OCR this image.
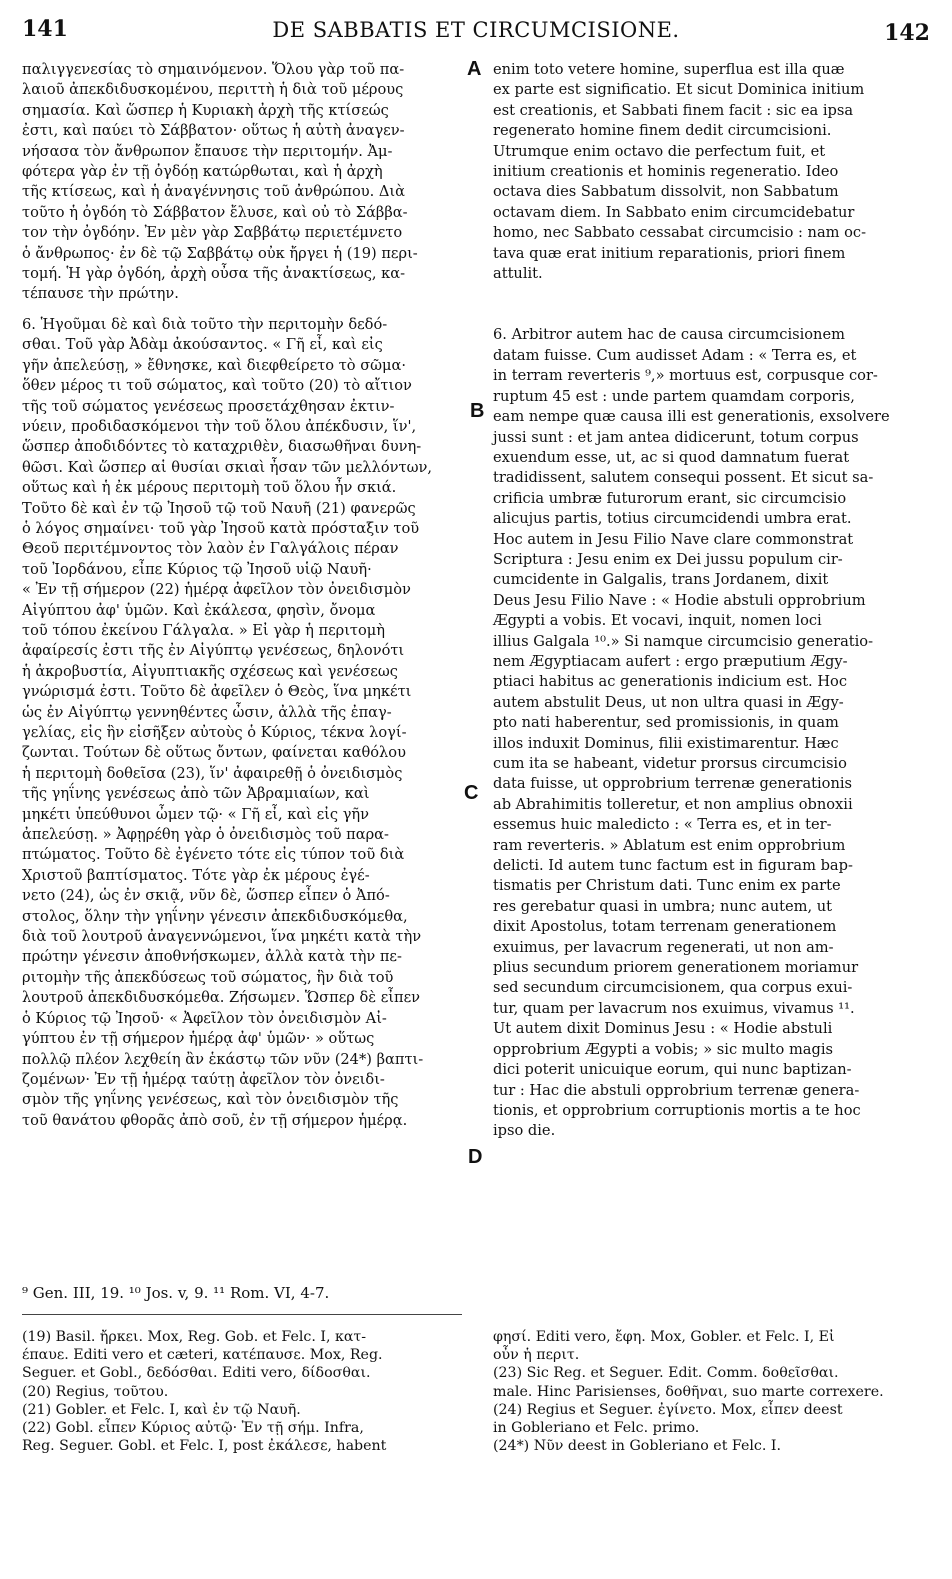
141	DE SABBATIS ET CIRCUMCISIONE.	142

παλιγγενεσίας τὸ σημαινόμενον. Ὅλου γὰρ τοῦ πα-
λαιοῦ ἀπεκδιδυσκομένου, περιττὴ ἡ διὰ τοῦ μέρους
σημασία. Καὶ ὥσπερ ἡ Κυριακὴ ἀρχὴ τῆς κτίσεώς
ἐστι, καὶ παύει τὸ Σάββατον· οὕτως ἡ αὐτὴ ἀναγεν-
νήσασα τὸν ἄνθρωπον ἔπαυσε τὴν περιτομήν. Ἀμ-
φότερα γὰρ ἐν τῇ ὀγδόῃ κατώρθωται, καὶ ἡ ἀρχὴ
τῆς κτίσεως, καὶ ἡ ἀναγέννησις τοῦ ἀνθρώπου. Διὰ
τοῦτο ἡ ὀγδόη τὸ Σάββατον ἔλυσε, καὶ οὐ τὸ Σάββα-
τον τὴν ὀγδόην. Ἐν μὲν γὰρ Σαββάτῳ περιετέμνετο
ὁ ἄνθρωπος· ἐν δὲ τῷ Σαββάτῳ οὐκ ἤργει ἡ (19) περι-
τομή. Ἡ γὰρ ὀγδόη, ἀρχὴ οὖσα τῆς ἀνακτίσεως, κα-
τέπαυσε τὴν πρώτην.

6. Ἡγοῦμαι δὲ καὶ διὰ τοῦτο τὴν περιτομὴν δεδό-
σθαι. Τοῦ γὰρ Ἀδὰμ ἀκούσαντος. « Γῆ εἶ, καὶ εἰς
γῆν ἀπελεύσῃ, » ἔθνησκε, καὶ διεφθείρετο τὸ σῶμα·
ὅθεν μέρος τι τοῦ σώματος, καὶ τοῦτο (20) τὸ αἴτιον
τῆς τοῦ σώματος γενέσεως προσετάχθησαν ἐκτιν-
νύειν, προδιδασκόμενοι τὴν τοῦ ὅλου ἀπέκδυσιν, ἵν',
ὥσπερ ἀποδιδόντες τὸ καταχριθὲν, διασωθῆναι δυνη-
θῶσι. Καὶ ὥσπερ αἱ θυσίαι σκιαὶ ἦσαν τῶν μελλόντων,
οὕτως καὶ ἡ ἐκ μέρους περιτομὴ τοῦ ὅλου ἦν σκιά.
Τοῦτο δὲ καὶ ἐν τῷ Ἰησοῦ τῷ τοῦ Ναυῆ (21) φανερῶς
ὁ λόγος σημαίνει· τοῦ γὰρ Ἰησοῦ κατὰ πρόσταξιν τοῦ
Θεοῦ περιτέμνοντος τὸν λαὸν ἐν Γαλγάλοις πέραν
τοῦ Ἰορδάνου, εἶπε Κύριος τῷ Ἰησοῦ υἱῷ Ναυῆ·
« Ἐν τῇ σήμερον (22) ἡμέρᾳ ἀφεῖλον τὸν ὀνειδισμὸν
Αἰγύπτου ἀφ' ὑμῶν. Καὶ ἐκάλεσα, φησὶν, ὄνομα
τοῦ τόπου ἐκείνου Γάλγαλα. » Εἰ γὰρ ἡ περιτομὴ
ἀφαίρεσίς ἐστι τῆς ἐν Αἰγύπτῳ γενέσεως, δηλονότι
ἡ ἀκροβυστία, Αἰγυπτιακῆς σχέσεως καὶ γενέσεως
γνώρισμά ἐστι. Τοῦτο δὲ ἀφεῖλεν ὁ Θεὸς, ἵνα μηκέτι
ὡς ἐν Αἰγύπτῳ γεννηθέντες ὦσιν, ἀλλὰ τῆς ἐπαγ-
γελίας, εἰς ἣν εἰσῆξεν αὐτοὺς ὁ Κύριος, τέκνα λογί-
ζωνται. Τούτων δὲ οὕτως ὄντων, φαίνεται καθόλου
ἡ περιτομὴ δοθεῖσα (23), ἵν' ἀφαιρεθῇ ὁ ὀνειδισμὸς
τῆς γηΐνης γενέσεως ἀπὸ τῶν Ἀβραμιαίων, καὶ
μηκέτι ὑπεύθυνοι ὦμεν τῷ· « Γῆ εἶ, καὶ εἰς γῆν
ἀπελεύσῃ. » Ἀφῃρέθη γὰρ ὁ ὀνειδισμὸς τοῦ παρα-
πτώματος. Τοῦτο δὲ ἐγένετο τότε εἰς τύπον τοῦ διὰ
Χριστοῦ βαπτίσματος. Τότε γὰρ ἐκ μέρους ἐγέ-
νετο (24), ὡς ἐν σκιᾷ, νῦν δὲ, ὥσπερ εἶπεν ὁ Ἀπό-
στολος, ὅλην τὴν γηΐνην γένεσιν ἀπεκδιδυσκόμεθα,
διὰ τοῦ λουτροῦ ἀναγεννώμενοι, ἵνα μηκέτι κατὰ τὴν
πρώτην γένεσιν ἀποθνήσκωμεν, ἀλλὰ κατὰ τὴν πε-
ριτομὴν τῆς ἀπεκδύσεως τοῦ σώματος, ἣν διὰ τοῦ
λουτροῦ ἀπεκδιδυσκόμεθα. Ζήσωμεν. Ὥσπερ δὲ εἶπεν
ὁ Κύριος τῷ Ἰησοῦ· « Ἀφεῖλον τὸν ὀνειδισμὸν Αἰ-
γύπτου ἐν τῇ σήμερον ἡμέρᾳ ἀφ' ὑμῶν· » οὕτως
πολλῷ πλέον λεχθείη ἂν ἑκάστῳ τῶν νῦν (24*) βαπτι-
ζομένων· Ἐν τῇ ἡμέρᾳ ταύτῃ ἀφεῖλον τὸν ὀνειδι-
σμὸν τῆς γηΐνης γενέσεως, καὶ τὸν ὀνειδισμὸν τῆς
τοῦ θανάτου φθορᾶς ἀπὸ σοῦ, ἐν τῇ σήμερον ἡμέρᾳ.

A
B
C
D

enim toto vetere homine, superflua est illa quæ
ex parte est significatio. Et sicut Dominica initium
est creationis, et Sabbati finem facit : sic ea ipsa
regenerato homine finem dedit circumcisioni.
Utrumque enim octavo die perfectum fuit, et
initium creationis et hominis regeneratio. Ideo
octava dies Sabbatum dissolvit, non Sabbatum
octavam diem. In Sabbato enim circumcidebatur
homo, nec Sabbato cessabat circumcisio : nam oc-
tava quæ erat initium reparationis, priori finem
attulit.

6. Arbitror autem hac de causa circumcisionem
datam fuisse. Cum audisset Adam : « Terra es, et
in terram reverteris ⁹,» mortuus est, corpusque cor-
ruptum 45 est : unde partem quamdam corporis,
eam nempe quæ causa illi est generationis, exsolvere
jussi sunt : et jam antea didicerunt, totum corpus
exuendum esse, ut, ac si quod damnatum fuerat
tradidissent, salutem consequi possent. Et sicut sa-
crificia umbræ futurorum erant, sic circumcisio
alicujus partis, totius circumcidendi umbra erat.
Hoc autem in Jesu Filio Nave clare commonstrat
Scriptura : Jesu enim ex Dei jussu populum cir-
cumcidente in Galgalis, trans Jordanem, dixit
Deus Jesu Filio Nave : « Hodie abstuli opprobrium
Ægypti a vobis. Et vocavi, inquit, nomen loci
illius Galgala ¹⁰.» Si namque circumcisio generatio-
nem Ægyptiacam aufert : ergo præputium Ægy-
ptiaci habitus ac generationis indicium est. Hoc
autem abstulit Deus, ut non ultra quasi in Ægy-
pto nati haberentur, sed promissionis, in quam
illos induxit Dominus, filii existimarentur. Hæc
cum ita se habeant, videtur prorsus circumcisio
data fuisse, ut opprobrium terrenæ generationis
ab Abrahimitis tolleretur, et non amplius obnoxii
essemus huic maledicto : « Terra es, et in ter-
ram reverteris. » Ablatum est enim opprobrium
delicti. Id autem tunc factum est in figuram bap-
tismatis per Christum dati. Tunc enim ex parte
res gerebatur quasi in umbra; nunc autem, ut
dixit Apostolus, totam terrenam generationem
exuimus, per lavacrum regenerati, ut non am-
plius secundum priorem generationem moriamur
sed secundum circumcisionem, qua corpus exui-
tur, quam per lavacrum nos exuimus, vivamus ¹¹.
Ut autem dixit Dominus Jesu : « Hodie abstuli
opprobrium Ægypti a vobis; » sic multo magis
dici poterit unicuique eorum, qui nunc baptizan-
tur : Hac die abstuli opprobrium terrenæ genera-
tionis, et opprobrium corruptionis mortis a te hoc
ipso die.

⁹ Gen. III, 19. ¹⁰ Jos. v, 9. ¹¹ Rom. VI, 4-7.

(19) Basil. ἤρκει. Mox, Reg. Gob. et Felc. I, κατ-
έπαυε. Editi vero et cæteri, κατέπαυσε. Mox, Reg.
Seguer. et Gobl., δεδόσθαι. Editi vero, δίδοσθαι.
(20) Regius, τοῦτου.
(21) Gobler. et Felc. I, καὶ ἐν τῷ Ναυῆ.
(22) Gobl. εἶπεν Κύριος αὐτῷ· Ἐν τῇ σήμ. Infra,
Reg. Seguer. Gobl. et Felc. I, post ἐκάλεσε, habent

φησί. Editi vero, ἔφη. Mox, Gobler. et Felc. I, Εἰ
οὖν ἡ περιτ.
(23) Sic Reg. et Seguer. Edit. Comm. δοθεῖσθαι.
male. Hinc Parisienses, δοθῆναι, suo marte correxere.
(24) Regius et Seguer. ἐγίνετο. Mox, εἶπεν deest
in Gobleriano et Felc. primo.
(24*) Νῦν deest in Gobleriano et Felc. I.
